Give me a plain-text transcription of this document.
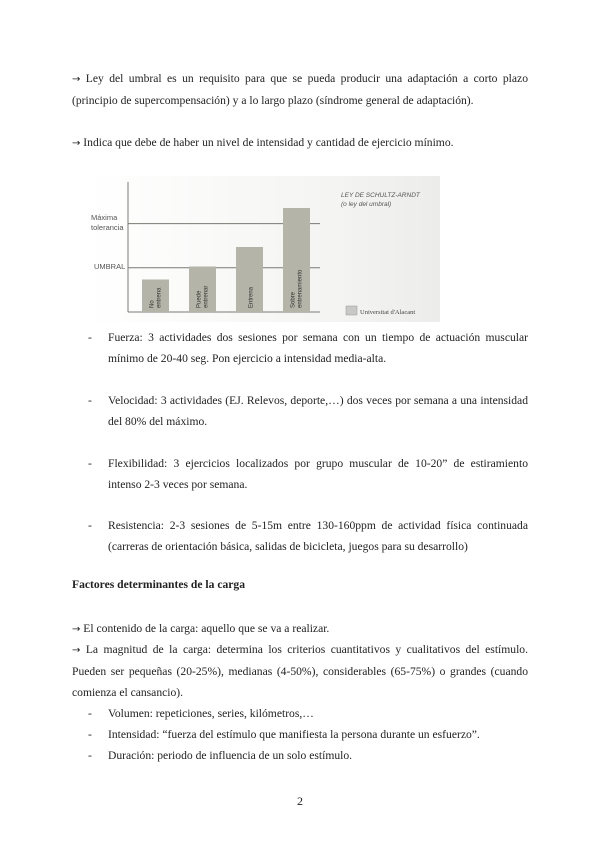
→ Ley del umbral es un requisito para que se pueda producir una adaptación a corto plazo (principio de supercompensación) y a lo largo plazo (síndrome general de adaptación).

→ Indica que debe de haber un nivel de intensidad y cantidad de ejercicio mínimo.

Noentrena	Puedeentrenar	Entrena	Sobreentrenamiento
Máxima tolerancia
UMBRAL
LEY DE SCHULTZ-ARNDT
(o ley del umbral)
Universitat d'Alacant
- Fuerza: 3 actividades dos sesiones por semana con un tiempo de actuación muscular mínimo de 20-40 seg. Pon ejercicio a intensidad media-alta.
- Velocidad: 3 actividades (EJ. Relevos, deporte,…) dos veces por semana a una intensidad del 80% del máximo.
- Flexibilidad: 3 ejercicios localizados por grupo muscular de 10-20” de estiramiento intenso 2-3 veces por semana.
- Resistencia: 2-3 sesiones de 5-15m entre 130-160ppm de actividad física continuada (carreras de orientación básica, salidas de bicicleta, juegos para su desarrollo)

Factores determinantes de la carga

→ El contenido de la carga: aquello que se va a realizar.

→ La magnitud de la carga: determina los criterios cuantitativos y cualitativos del estímulo. Pueden ser pequeñas (20-25%), medianas (4-50%), considerables (65-75%) o grandes (cuando comienza el cansancio).

- Volumen: repeticiones, series, kilómetros,…
- Intensidad: “fuerza del estímulo que manifiesta la persona durante un esfuerzo”.
- Duración: periodo de influencia de un solo estímulo.
2
